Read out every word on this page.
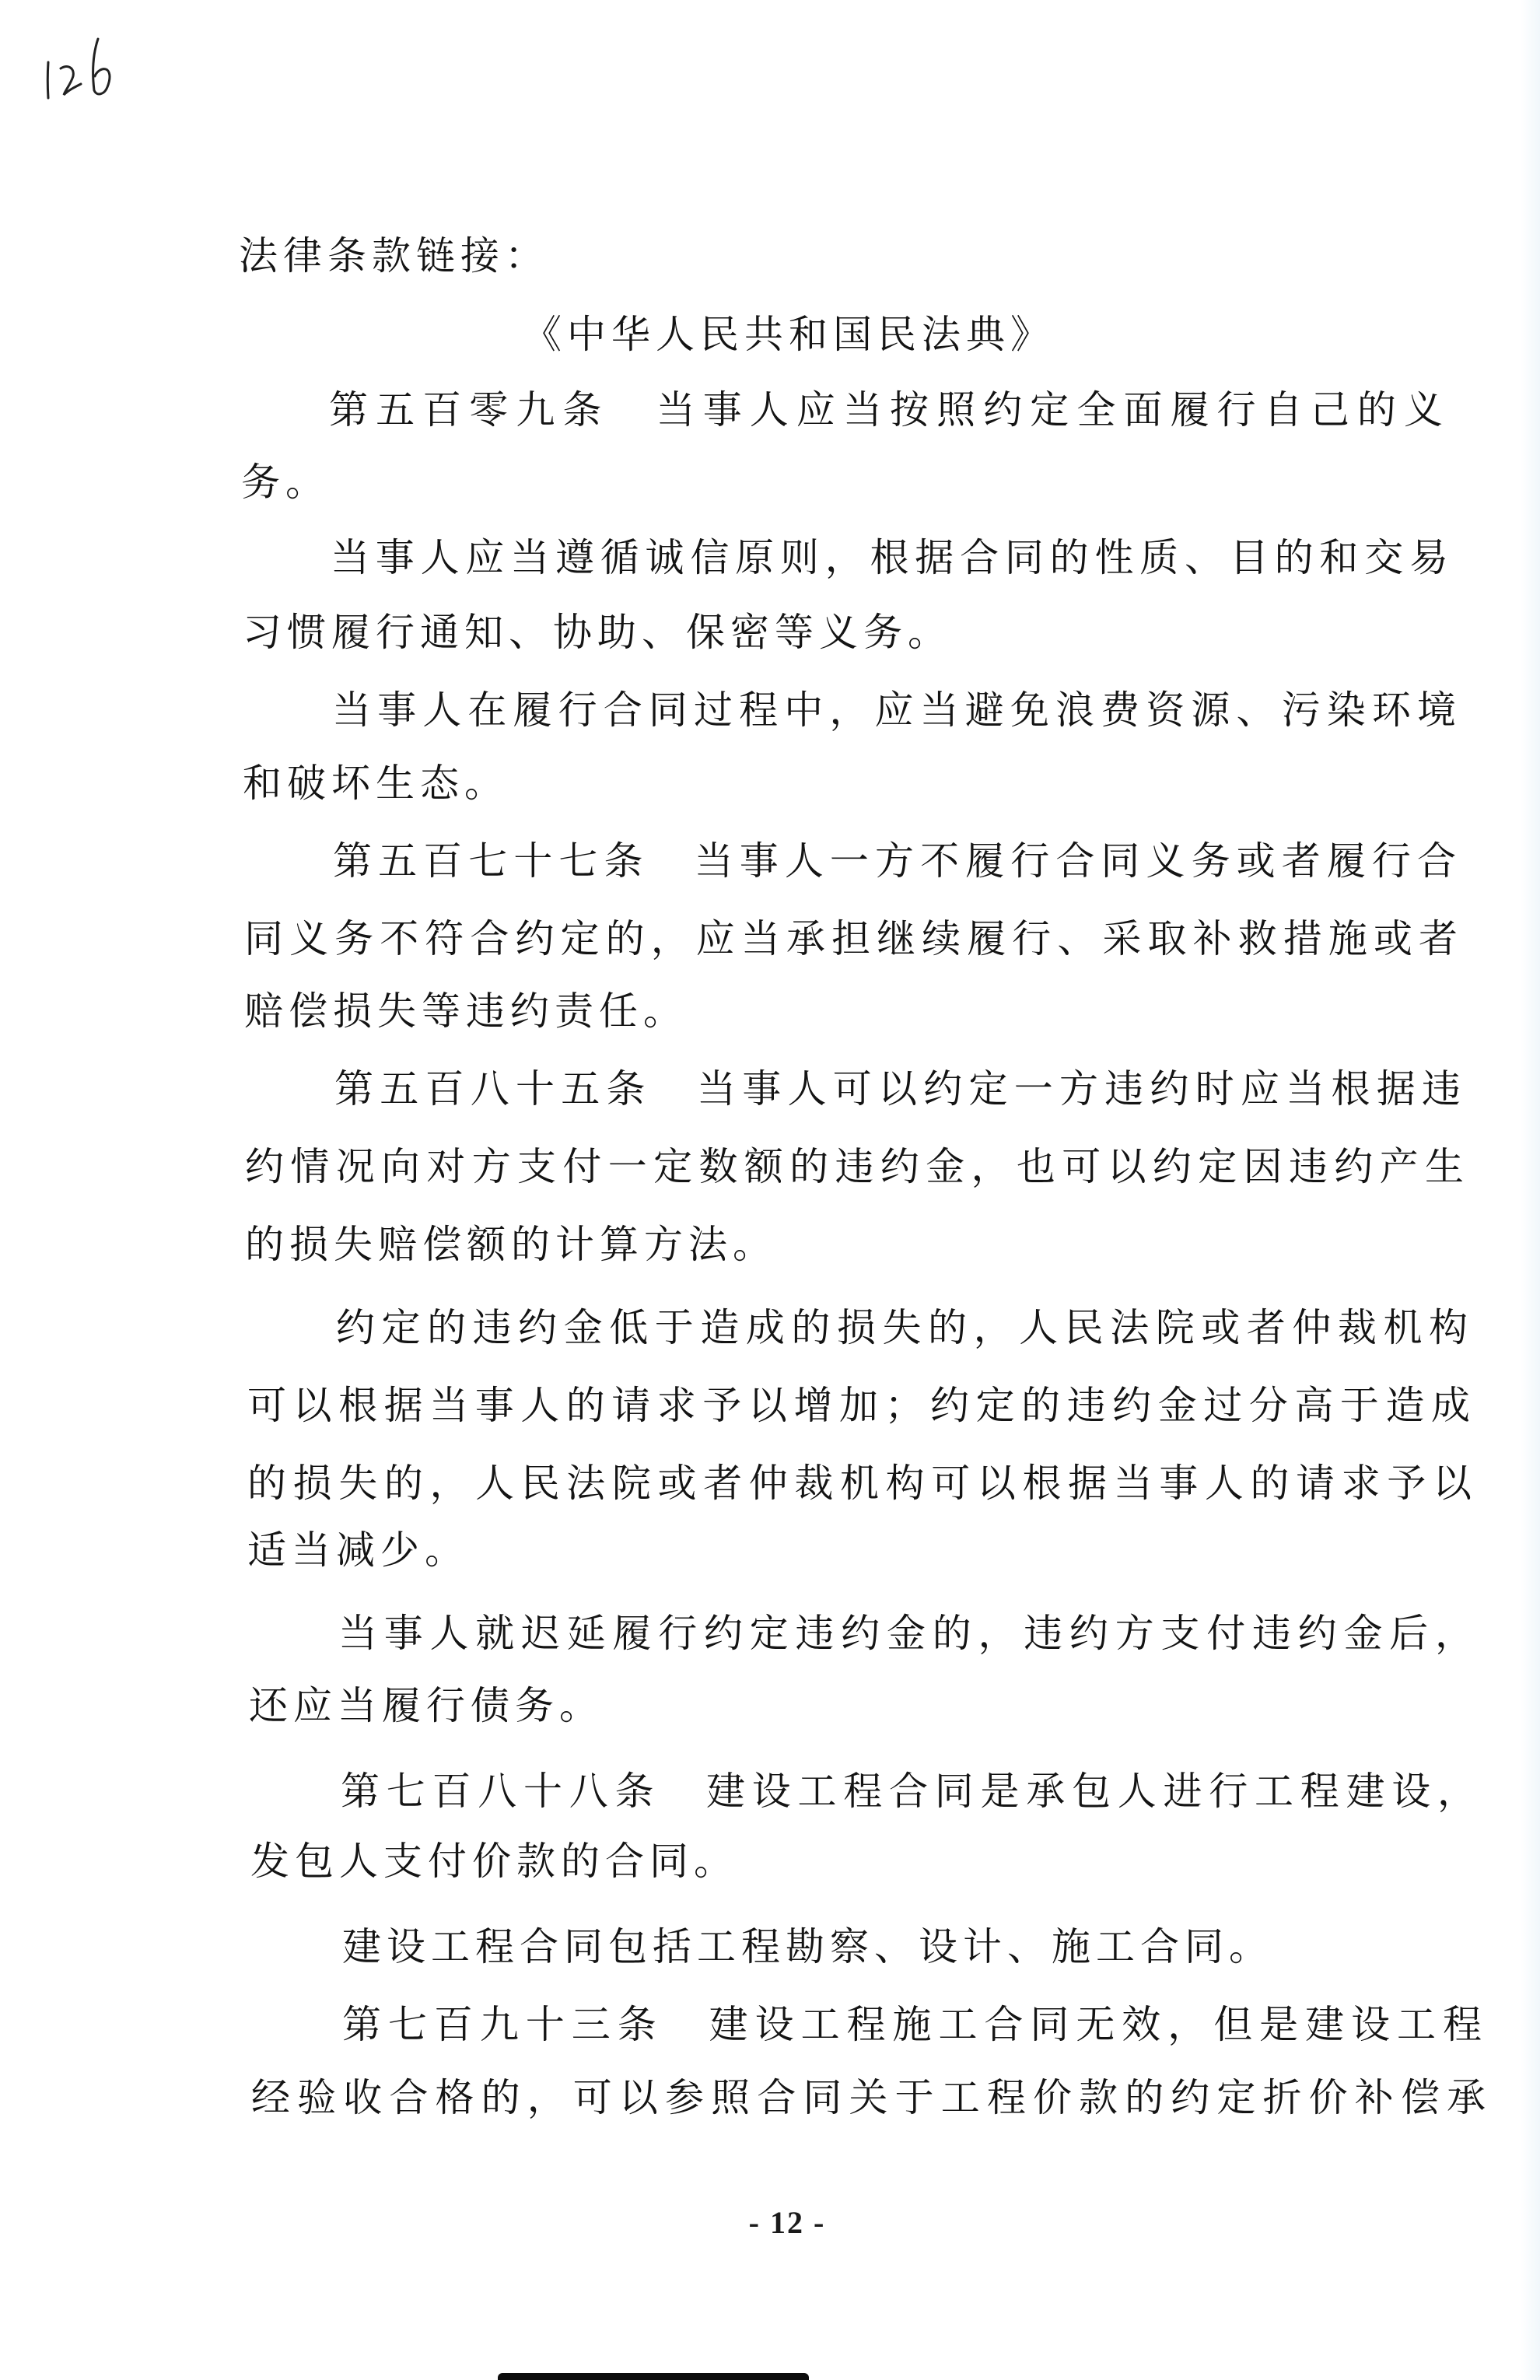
法律条款链接：
《中华人民共和国民法典》
第五百零九条　当事人应当按照约定全面履行自己的义
务。
当事人应当遵循诚信原则，根据合同的性质、目的和交易
习惯履行通知、协助、保密等义务。
当事人在履行合同过程中，应当避免浪费资源、污染环境
和破坏生态。
第五百七十七条　当事人一方不履行合同义务或者履行合
同义务不符合约定的，应当承担继续履行、采取补救措施或者
赔偿损失等违约责任。
第五百八十五条　当事人可以约定一方违约时应当根据违
约情况向对方支付一定数额的违约金，也可以约定因违约产生
的损失赔偿额的计算方法。
约定的违约金低于造成的损失的，人民法院或者仲裁机构
可以根据当事人的请求予以增加；约定的违约金过分高于造成
的损失的，人民法院或者仲裁机构可以根据当事人的请求予以
适当减少。
当事人就迟延履行约定违约金的，违约方支付违约金后，
还应当履行债务。
第七百八十八条　建设工程合同是承包人进行工程建设，
发包人支付价款的合同。
建设工程合同包括工程勘察、设计、施工合同。
第七百九十三条　建设工程施工合同无效，但是建设工程
经验收合格的，可以参照合同关于工程价款的约定折价补偿承
- 12 -
